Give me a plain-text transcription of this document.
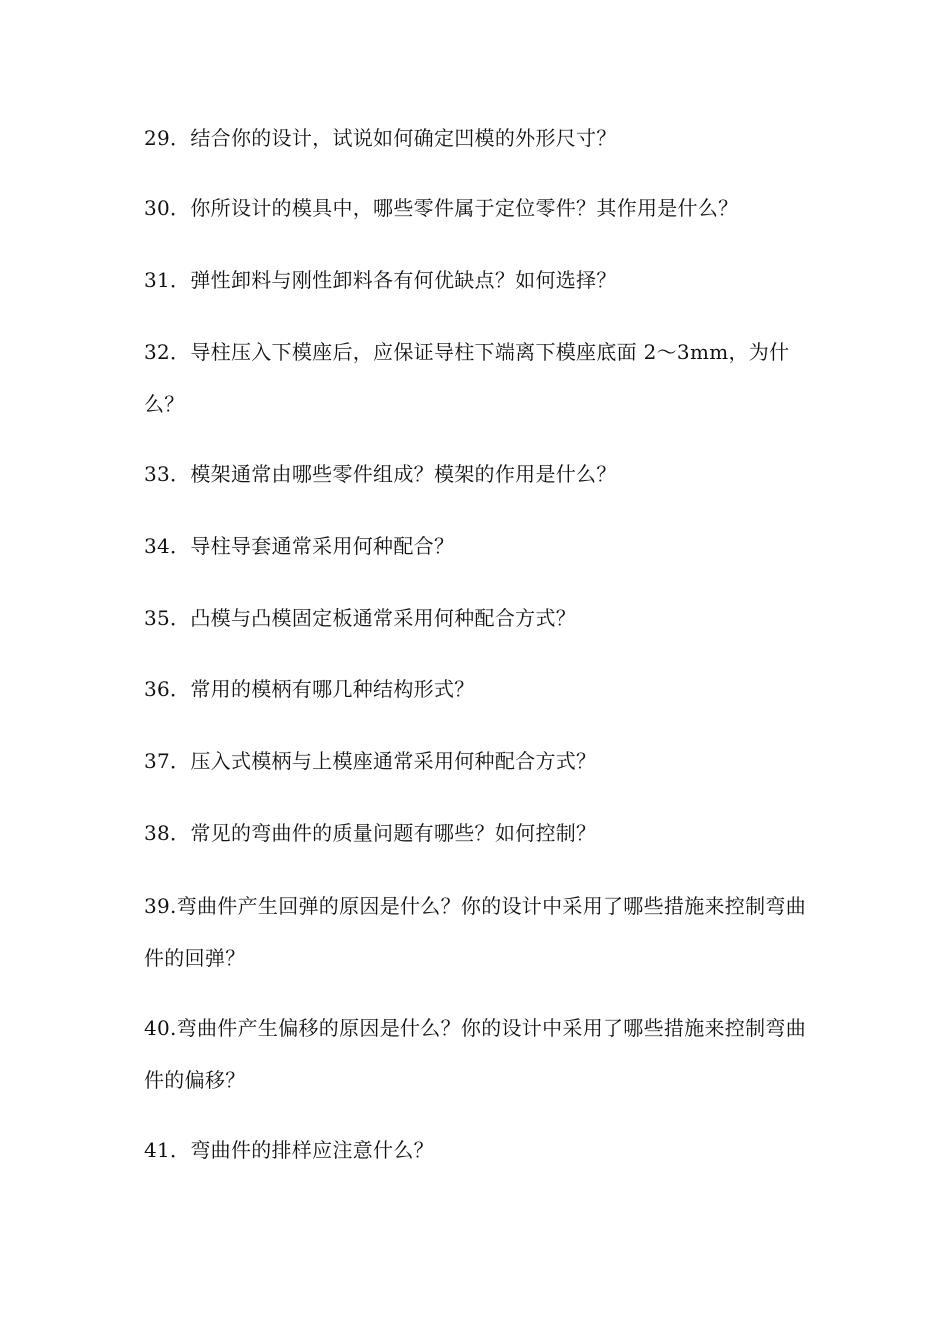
29．结合你的设计，试说如何确定凹模的外形尺寸？

30．你所设计的模具中，哪些零件属于定位零件？其作用是什么？

31．弹性卸料与刚性卸料各有何优缺点？如何选择？

32．导柱压入下模座后，应保证导柱下端离下模座底面 2～3mm，为什么？

33．模架通常由哪些零件组成？模架的作用是什么？

34．导柱导套通常采用何种配合？

35．凸模与凸模固定板通常采用何种配合方式？

36．常用的模柄有哪几种结构形式？

37．压入式模柄与上模座通常采用何种配合方式？

38．常见的弯曲件的质量问题有哪些？如何控制？

39.弯曲件产生回弹的原因是什么？你的设计中采用了哪些措施来控制弯曲件的回弹？

40.弯曲件产生偏移的原因是什么？你的设计中采用了哪些措施来控制弯曲件的偏移？

41．弯曲件的排样应注意什么？
